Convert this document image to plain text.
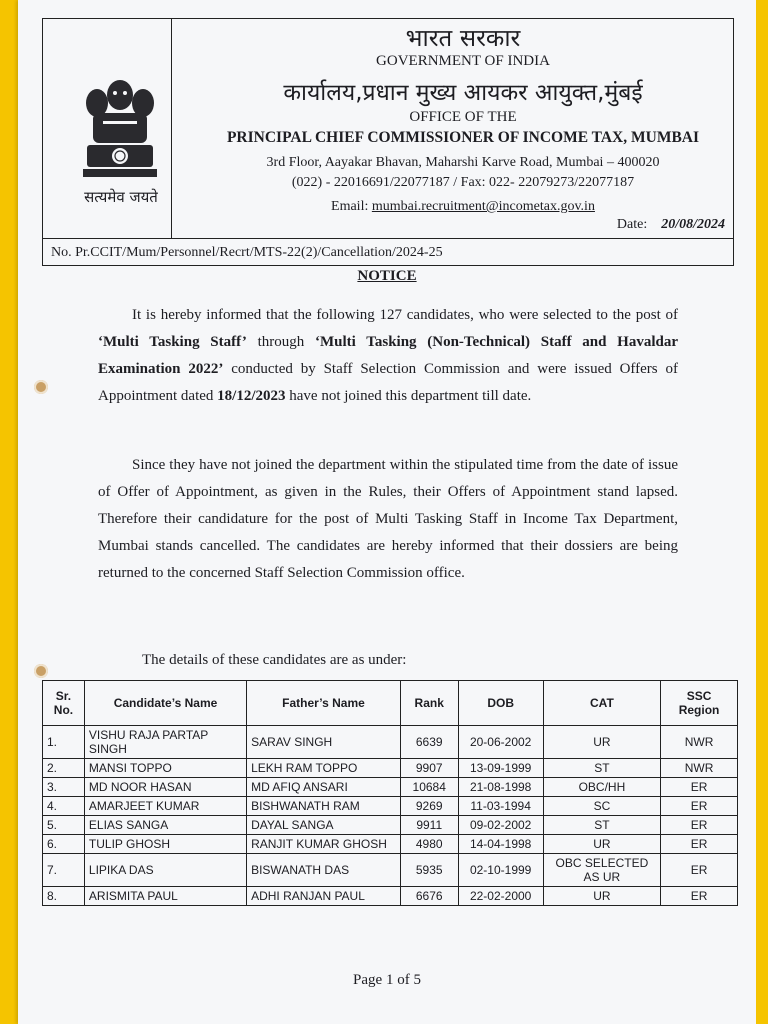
सत्यमेव जयते
भारत सरकार
GOVERNMENT OF INDIA
कार्यालय,प्रधान मुख्य आयकर आयुक्त,मुंबई
OFFICE OF THE
PRINCIPAL CHIEF COMMISSIONER OF INCOME TAX, MUMBAI
3rd Floor, Aayakar Bhavan, Maharshi Karve Road, Mumbai – 400020
(022) - 22016691/22077187 / Fax: 022- 22079273/22077187
Email: mumbai.recruitment@incometax.gov.in
Date: 20/08/2024
No. Pr.CCIT/Mum/Personnel/Recrt/MTS-22(2)/Cancellation/2024-25
NOTICE
It is hereby informed that the following 127 candidates, who were selected to the post of ‘Multi Tasking Staff’ through ‘Multi Tasking (Non-Technical) Staff and Havaldar Examination 2022’ conducted by Staff Selection Commission and were issued Offers of Appointment dated 18/12/2023 have not joined this department till date.
Since they have not joined the department within the stipulated time from the date of issue of Offer of Appointment, as given in the Rules, their Offers of Appointment stand lapsed. Therefore their candidature for the post of Multi Tasking Staff in Income Tax Department, Mumbai stands cancelled. The candidates are hereby informed that their dossiers are being returned to the concerned Staff Selection Commission office.
The details of these candidates are as under:
Sr. No.	Candidate’s Name	Father’s Name	Rank	DOB	CAT	SSC Region
1.	VISHU RAJA PARTAP SINGH	SARAV SINGH	6639	20-06-2002	UR	NWR
2.	MANSI TOPPO	LEKH RAM TOPPO	9907	13-09-1999	ST	NWR
3.	MD NOOR HASAN	MD AFIQ ANSARI	10684	21-08-1998	OBC/HH	ER
4.	AMARJEET KUMAR	BISHWANATH RAM	9269	11-03-1994	SC	ER
5.	ELIAS SANGA	DAYAL SANGA	9911	09-02-2002	ST	ER
6.	TULIP GHOSH	RANJIT KUMAR GHOSH	4980	14-04-1998	UR	ER
7.	LIPIKA DAS	BISWANATH DAS	5935	02-10-1999	OBC SELECTED AS UR	ER
8.	ARISMITA PAUL	ADHI RANJAN PAUL	6676	22-02-2000	UR	ER
Page 1 of 5
